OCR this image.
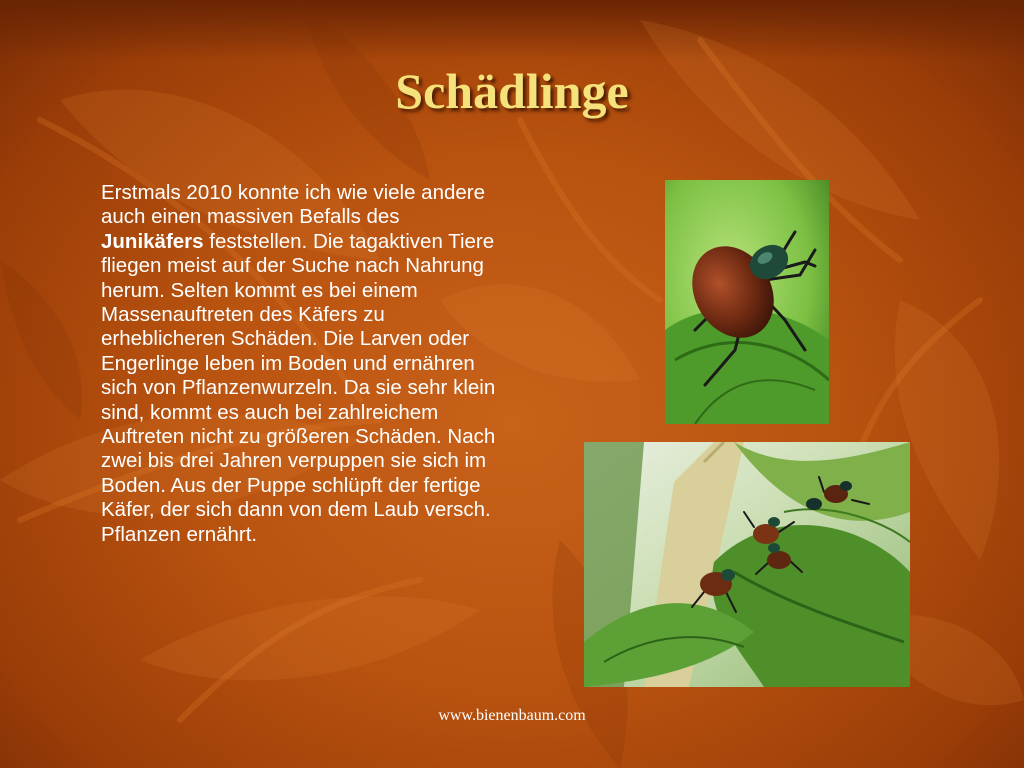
Schädlinge
Erstmals 2010 konnte ich wie viele andere auch einen massiven Befalls des Junikäfers feststellen. Die tagaktiven Tiere fliegen meist auf der Suche nach Nahrung herum. Selten kommt es bei einem Massenauftreten des Käfers zu erheblicheren Schäden. Die Larven oder Engerlinge leben im Boden und ernähren sich von Pflanzenwurzeln. Da sie sehr klein sind, kommt es auch bei zahlreichem Auftreten nicht zu größeren Schäden. Nach zwei bis drei Jahren verpuppen sie sich im Boden. Aus der Puppe schlüpft der fertige Käfer, der sich dann von dem Laub versch. Pflanzen ernährt.
www.bienenbaum.com
